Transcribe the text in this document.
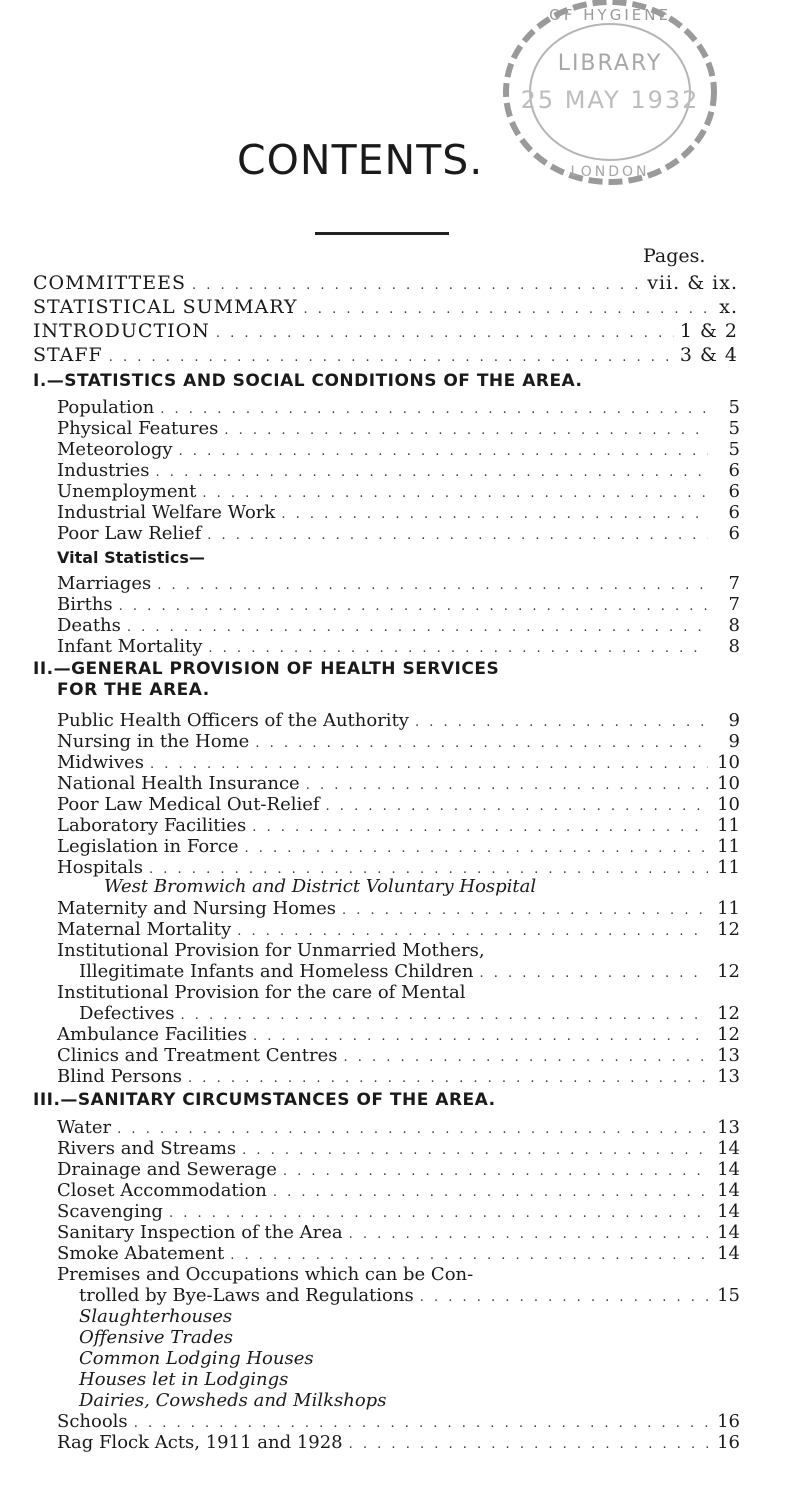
OF HYGIENE
LIBRARY
25 MAY 1932
LONDON
CONTENTS.
Pages.
COMMITTEES . . .	vii. & ix.
STATISTICAL SUMMARY . . .	x.
INTRODUCTION . . .	1 & 2
STAFF . . .	3 & 4
I.—STATISTICS AND SOCIAL CONDITIONS OF THE AREA.
Population . . .	5
Physical Features . . .	5
Meteorology . . .	5
Industries . . .	6
Unemployment . . .	6
Industrial Welfare Work . . .	6
Poor Law Relief . . .	6
Vital Statistics—
Marriages . . .	7
Births . . .	7
Deaths . . .	8
Infant Mortality . . .	8
II.—GENERAL PROVISION OF HEALTH SERVICES
FOR THE AREA.
Public Health Officers of the Authority . . .	9
Nursing in the Home . . .	9
Midwives . . .	10
National Health Insurance . . .	10
Poor Law Medical Out-Relief . . .	10
Laboratory Facilities . . .	11
Legislation in Force . . .	11
Hospitals . . .	11
West Bromwich and District Voluntary Hospital
Maternity and Nursing Homes . . .	11
Maternal Mortality . . .	12
Institutional Provision for Unmarried Mothers,
Illegitimate Infants and Homeless Children . . .	12
Institutional Provision for the care of Mental
Defectives . . .	12
Ambulance Facilities . . .	12
Clinics and Treatment Centres . . .	13
Blind Persons . . .	13
III.—SANITARY CIRCUMSTANCES OF THE AREA.
Water . . .	13
Rivers and Streams . . .	14
Drainage and Sewerage . . .	14
Closet Accommodation . . .	14
Scavenging . . .	14
Sanitary Inspection of the Area . . .	14
Smoke Abatement . . .	14
Premises and Occupations which can be Con-
trolled by Bye-Laws and Regulations . . .	15
Slaughterhouses
Offensive Trades
Common Lodging Houses
Houses let in Lodgings
Dairies, Cowsheds and Milkshops
Schools . . .	16
Rag Flock Acts, 1911 and 1928 . . .	16
